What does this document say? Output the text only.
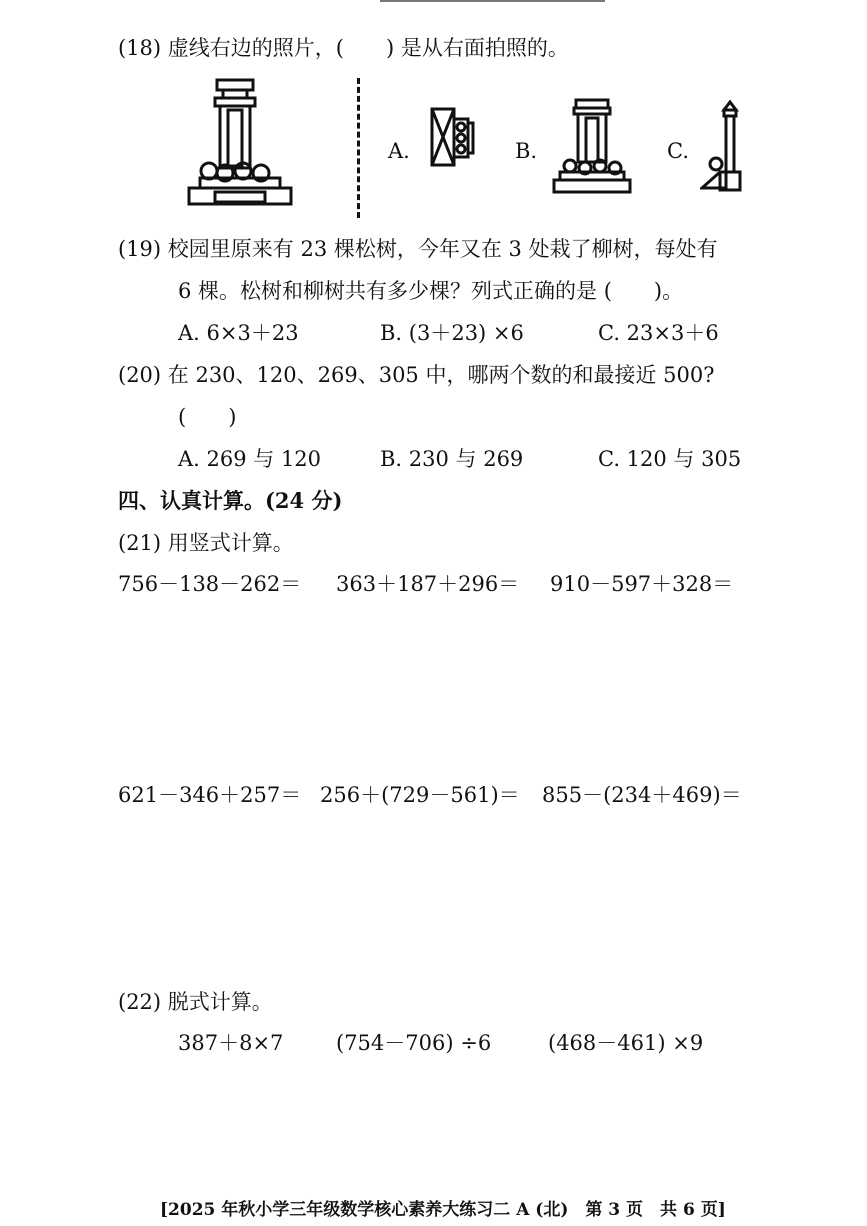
(18) 虚线右边的照片，(　　) 是从右面拍照的。
A.	B.	C.
(19) 校园里原来有 23 棵松树，今年又在 3 处栽了柳树，每处有
6 棵。松树和柳树共有多少棵？列式正确的是 (　　)。
A. 6×3＋23	B. (3＋23) ×6	C. 23×3＋6
(20) 在 230、120、269、305 中，哪两个数的和最接近 500?
(　　)
A. 269 与 120	B. 230 与 269	C. 120 与 305
四、认真计算。(24 分)
(21) 用竖式计算。
756－138－262＝ 363＋187＋296＝ 910－597＋328＝
621－346＋257＝ 256＋(729－561)＝ 855－(234＋469)＝
(22) 脱式计算。
387＋8×7	(754－706) ÷6	(468－461) ×9
[2025 年秋小学三年级数学核心素养大练习二 A (北)　第 3 页　共 6 页]
